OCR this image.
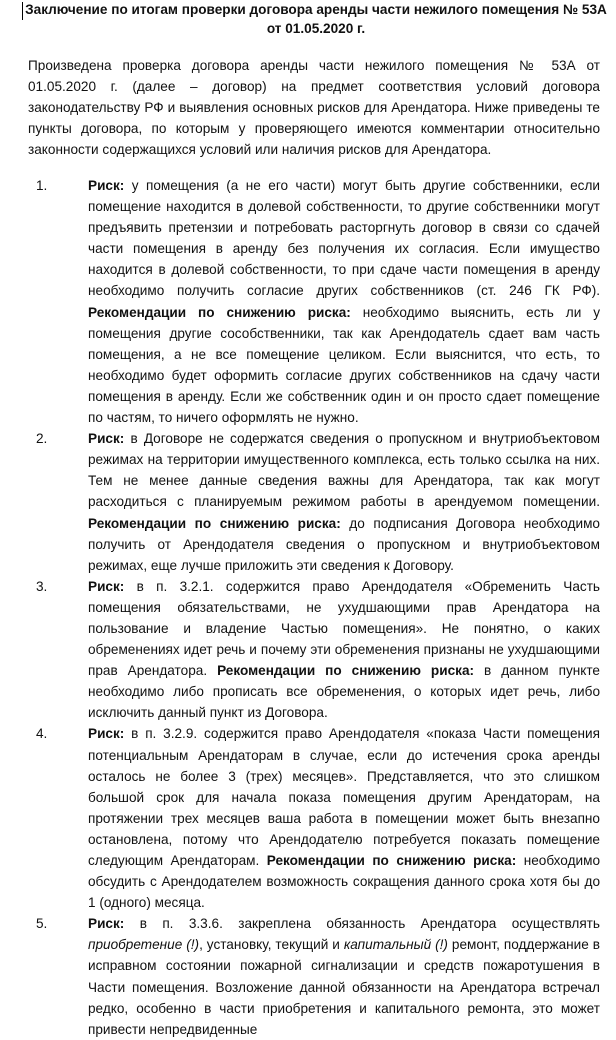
Заключение по итогам проверки договора аренды части нежилого помещения № 53А
от 01.05.2020 г.

Произведена проверка договора аренды части нежилого помещения № 53А от 01.05.2020 г. (далее – договор) на предмет соответствия условий договора законодательству РФ и выявления основных рисков для Арендатора. Ниже приведены те пункты договора, по которым у проверяющего имеются комментарии относительно законности содержащихся условий или наличия рисков для Арендатора.

1.	Риск: у помещения (а не его части) могут быть другие собственники, если помещение находится в долевой собственности, то другие собственники могут предъявить претензии и потребовать расторгнуть договор в связи со сдачей части помещения в аренду без получения их согласия. Если имущество находится в долевой собственности, то при сдаче части помещения в аренду необходимо получить согласие других собственников (ст. 246 ГК РФ). Рекомендации по снижению риска: необходимо выяснить, есть ли у помещения другие сособственники, так как Арендодатель сдает вам часть помещения, а не все помещение целиком. Если выяснится, что есть, то необходимо будет оформить согласие других собственников на сдачу части помещения в аренду. Если же собственник один и он просто сдает помещение по частям, то ничего оформлять не нужно.
2.	Риск: в Договоре не содержатся сведения о пропускном и внутриобъектовом режимах на территории имущественного комплекса, есть только ссылка на них. Тем не менее данные сведения важны для Арендатора, так как могут расходиться с планируемым режимом работы в арендуемом помещении. Рекомендации по снижению риска: до подписания Договора необходимо получить от Арендодателя сведения о пропускном и внутриобъектовом режимах, еще лучше приложить эти сведения к Договору.
3.	Риск: в п. 3.2.1. содержится право Арендодателя «Обременить Часть помещения обязательствами, не ухудшающими прав Арендатора на пользование и владение Частью помещения». Не понятно, о каких обременениях идет речь и почему эти обременения признаны не ухудшающими прав Арендатора. Рекомендации по снижению риска: в данном пункте необходимо либо прописать все обременения, о которых идет речь, либо исключить данный пункт из Договора.
4.	Риск: в п. 3.2.9. содержится право Арендодателя «показа Части помещения потенциальным Арендаторам в случае, если до истечения срока аренды осталось не более 3 (трех) месяцев». Представляется, что это слишком большой срок для начала показа помещения другим Арендаторам, на протяжении трех месяцев ваша работа в помещении может быть внезапно остановлена, потому что Арендодателю потребуется показать помещение следующим Арендаторам. Рекомендации по снижению риска: необходимо обсудить с Арендодателем возможность сокращения данного срока хотя бы до 1 (одного) месяца.
5.	Риск: в п. 3.3.6. закреплена обязанность Арендатора осуществлять приобретение (!), установку, текущий и капитальный (!) ремонт, поддержание в исправном состоянии пожарной сигнализации и средств пожаротушения в Части помещения. Возложение данной обязанности на Арендатора встречал редко, особенно в части приобретения и капитального ремонта, это может привести непредвиденные
